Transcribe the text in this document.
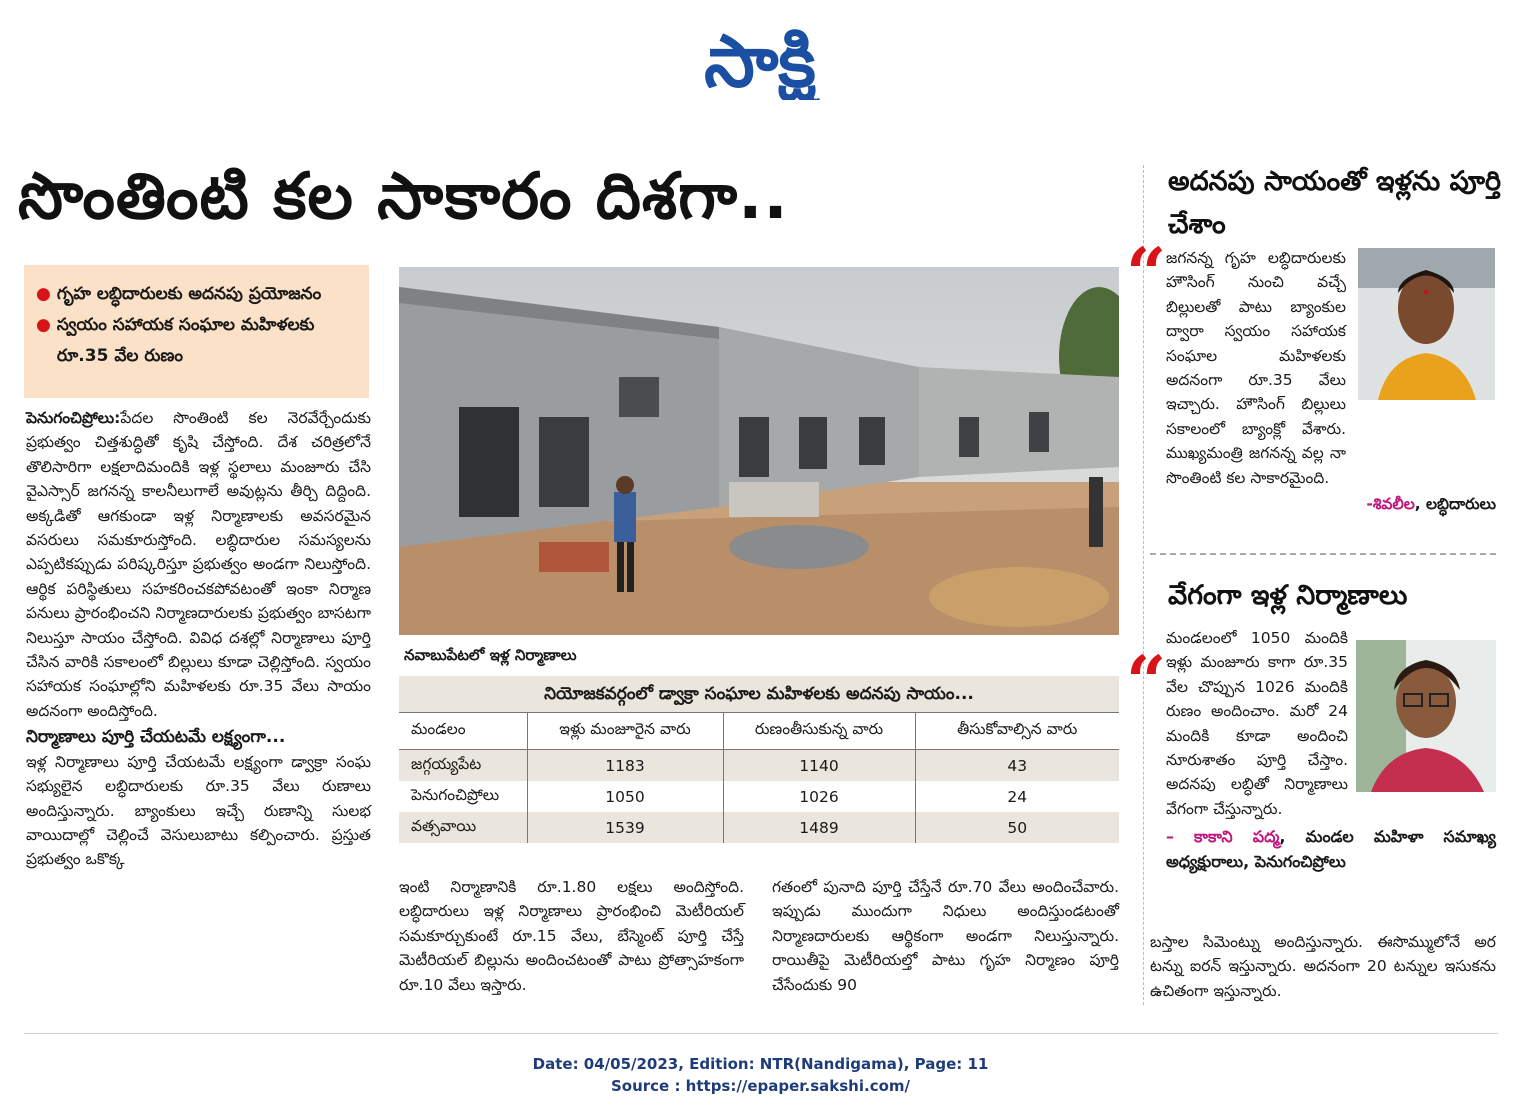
సాక్షి
సొంతింటి కల సాకారం దిశగా..
● గృహ లబ్ధిదారులకు అదనపు ప్రయోజనం
● స్వయం సహాయక సంఘాల మహిళలకు రూ.35 వేల రుణం

పెనుగంచిప్రోలు:పేదల సొంతింటి కల నెరవేర్చేందుకు ప్రభుత్వం చిత్తశుద్ధితో కృషి చేస్తోంది. దేశ చరిత్రలోనే తొలిసారిగా లక్షలాదిమందికి ఇళ్ల స్థలాలు మంజూరు చేసి వైఎస్సార్ జగనన్న కాలనీలుగాలే అవుట్లను తీర్చి దిద్దింది. అక్కడితో ఆగకుండా ఇళ్ల నిర్మాణాలకు అవసరమైన వసరులు సమకూరుస్తోంది. లబ్ధిదారుల సమస్యలను ఎప్పటికప్పుడు పరిష్కరిస్తూ ప్రభుత్వం అండగా నిలుస్తోంది. ఆర్థిక పరిస్థితులు సహకరించకపోవటంతో ఇంకా నిర్మాణ పనులు ప్రారంభించని నిర్మాణదారులకు ప్రభుత్వం బాసటగా నిలుస్తూ సాయం చేస్తోంది. వివిధ దశల్లో నిర్మాణాలు పూర్తి చేసిన వారికి సకాలంలో బిల్లులు కూడా చెల్లిస్తోంది. స్వయం సహాయక సంఘాల్లోని మహిళలకు రూ.35 వేలు సాయం అదనంగా అందిస్తోంది.

నిర్మాణాలు పూర్తి చేయటమే లక్ష్యంగా...

ఇళ్ల నిర్మాణాలు పూర్తి చేయటమే లక్ష్యంగా డ్వాక్రా సంఘ సభ్యులైన లబ్ధిదారులకు రూ.35 వేలు రుణాలు అందిస్తున్నారు. బ్యాంకులు ఇచ్చే రుణాన్ని సులభ వాయిదాల్లో చెల్లించే వెసులుబాటు కల్పించారు. ప్రస్తుత ప్రభుత్వం ఒకొక్క

నవాబుపేటలో ఇళ్ల నిర్మాణాలు
నియోజకవర్గంలో డ్వాక్రా సంఘాల మహిళలకు అదనపు సాయం...
మండలం	ఇళ్లు మంజూరైన వారు	రుణంతీసుకున్న వారు	తీసుకోవాల్సిన వారు
జగ్గయ్యపేట	1183	1140	43
పెనుగంచిప్రోలు	1050	1026	24
వత్సవాయి	1539	1489	50
ఇంటి నిర్మాణానికి రూ.1.80 లక్షలు అందిస్తోంది. లబ్ధిదారులు ఇళ్ల నిర్మాణాలు ప్రారంభించి మెటీరియల్ సమకూర్చుకుంటే రూ.15 వేలు, బేస్మెంట్ పూర్తి చేస్తే మెటీరియల్ బిల్లును అందించటంతో పాటు ప్రోత్సాహకంగా రూ.10 వేలు ఇస్తారు.
గతంలో పునాది పూర్తి చేస్తేనే రూ.70 వేలు అందించేవారు. ఇప్పుడు ముందుగా నిధులు అందిస్తుండటంతో నిర్మాణదారులకు ఆర్థికంగా అండగా నిలుస్తున్నారు. రాయితీపై మెటీరియల్తో పాటు గృహ నిర్మాణం పూర్తి చేసేందుకు 90
అదనపు సాయంతో ఇళ్లను పూర్తి చేశాం
“ జగనన్న గృహ లబ్ధిదారులకు హౌసింగ్ నుంచి వచ్చే బిల్లులతో పాటు బ్యాంకుల ద్వారా స్వయం సహాయక సంఘాల మహిళలకు అదనంగా రూ.35 వేలు ఇచ్చారు. హౌసింగ్ బిల్లులు సకాలంలో బ్యాంక్లో వేశారు. ముఖ్యమంత్రి జగనన్న వల్ల నా సొంతింటి కల సాకారమైంది.
-శివలీల, లబ్ధిదారులు
వేగంగా ఇళ్ల నిర్మాణాలు
“
మండలంలో 1050 మందికి ఇళ్లు మంజూరు కాగా రూ.35 వేల చొప్పున 1026 మందికి రుణం అందించాం. మరో 24 మందికి కూడా అందించి నూరుశాతం పూర్తి చేస్తాం. అదనపు లబ్ధితో నిర్మాణాలు వేగంగా చేస్తున్నారు.
– కాకాని పద్మ, మండల మహిళా సమాఖ్య అధ్యక్షురాలు, పెనుగంచిప్రోలు
బస్తాల సిమెంట్ను అందిస్తున్నారు. ఈసొమ్ములోనే అర టన్ను ఐరన్ ఇస్తున్నారు. అదనంగా 20 టన్నుల ఇసుకను ఉచితంగా ఇస్తున్నారు.
Date: 04/05/2023, Edition: NTR(Nandigama), Page: 11
Source : https://epaper.sakshi.com/
